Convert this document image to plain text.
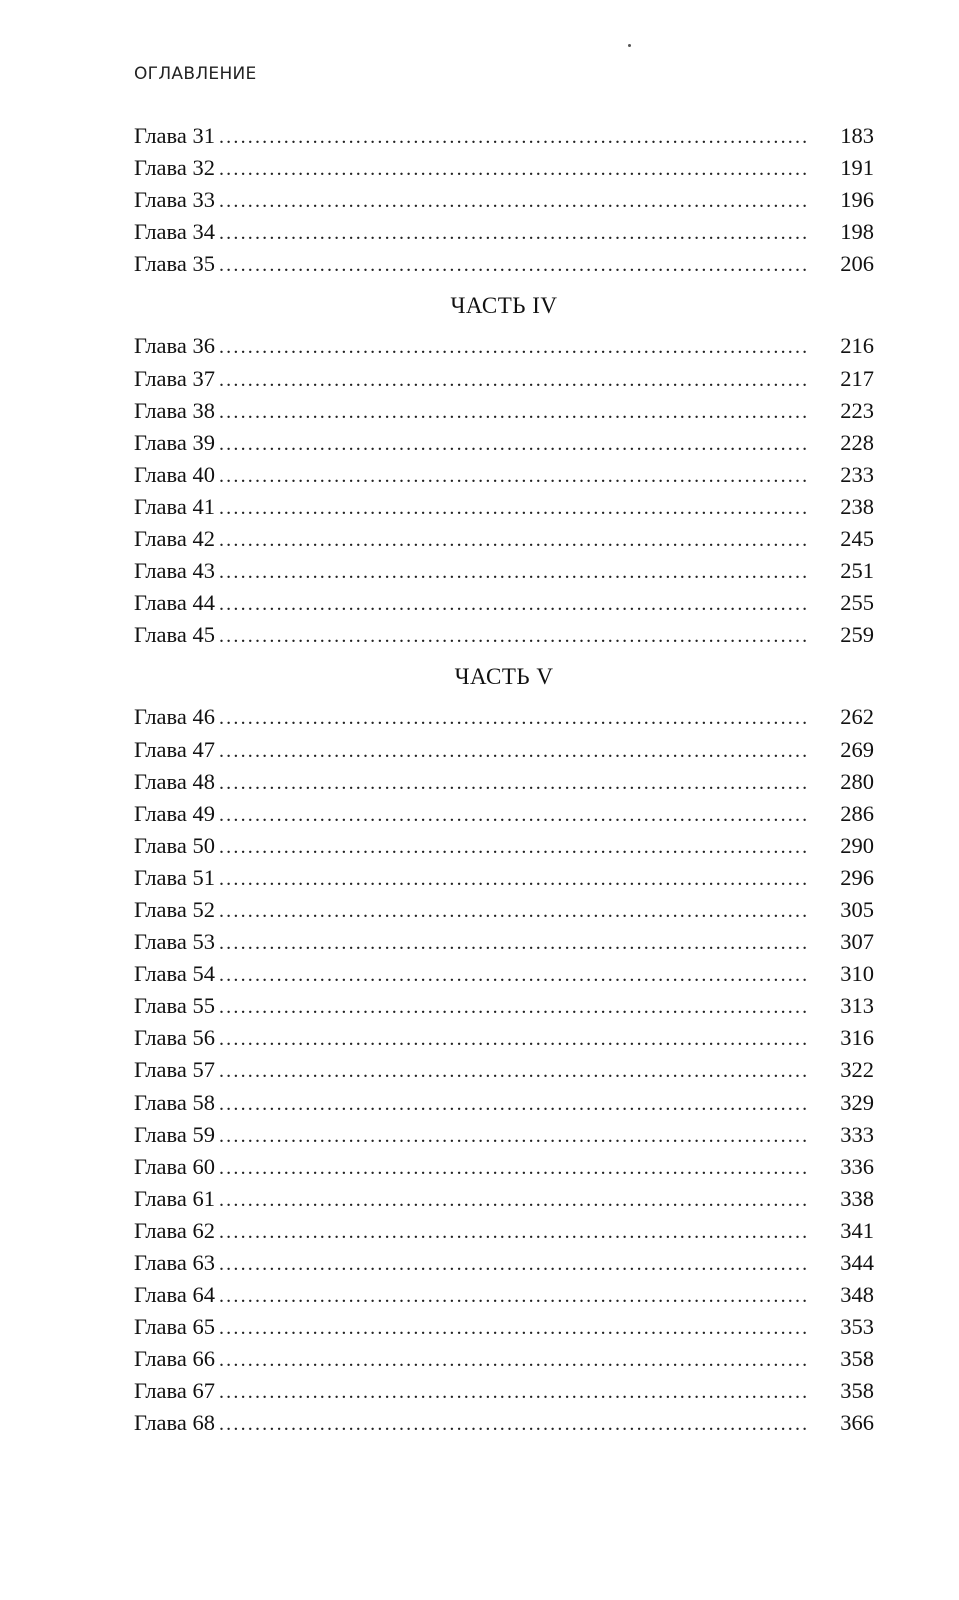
ОГЛАВЛЕНИЕ
Глава 31 . . .	183
Глава 32 . . .	191
Глава 33 . . .	196
Глава 34 . . .	198
Глава 35 . . .	206
ЧАСТЬ IV
Глава 36 . . .	216
Глава 37 . . .	217
Глава 38 . . .	223
Глава 39 . . .	228
Глава 40 . . .	233
Глава 41 . . .	238
Глава 42 . . .	245
Глава 43 . . .	251
Глава 44 . . .	255
Глава 45 . . .	259
ЧАСТЬ V
Глава 46 . . .	262
Глава 47 . . .	269
Глава 48 . . .	280
Глава 49 . . .	286
Глава 50 . . .	290
Глава 51 . . .	296
Глава 52 . . .	305
Глава 53 . . .	307
Глава 54 . . .	310
Глава 55 . . .	313
Глава 56 . . .	316
Глава 57 . . .	322
Глава 58 . . .	329
Глава 59 . . .	333
Глава 60 . . .	336
Глава 61 . . .	338
Глава 62 . . .	341
Глава 63 . . .	344
Глава 64 . . .	348
Глава 65 . . .	353
Глава 66 . . .	358
Глава 67 . . .	358
Глава 68 . . .	366
